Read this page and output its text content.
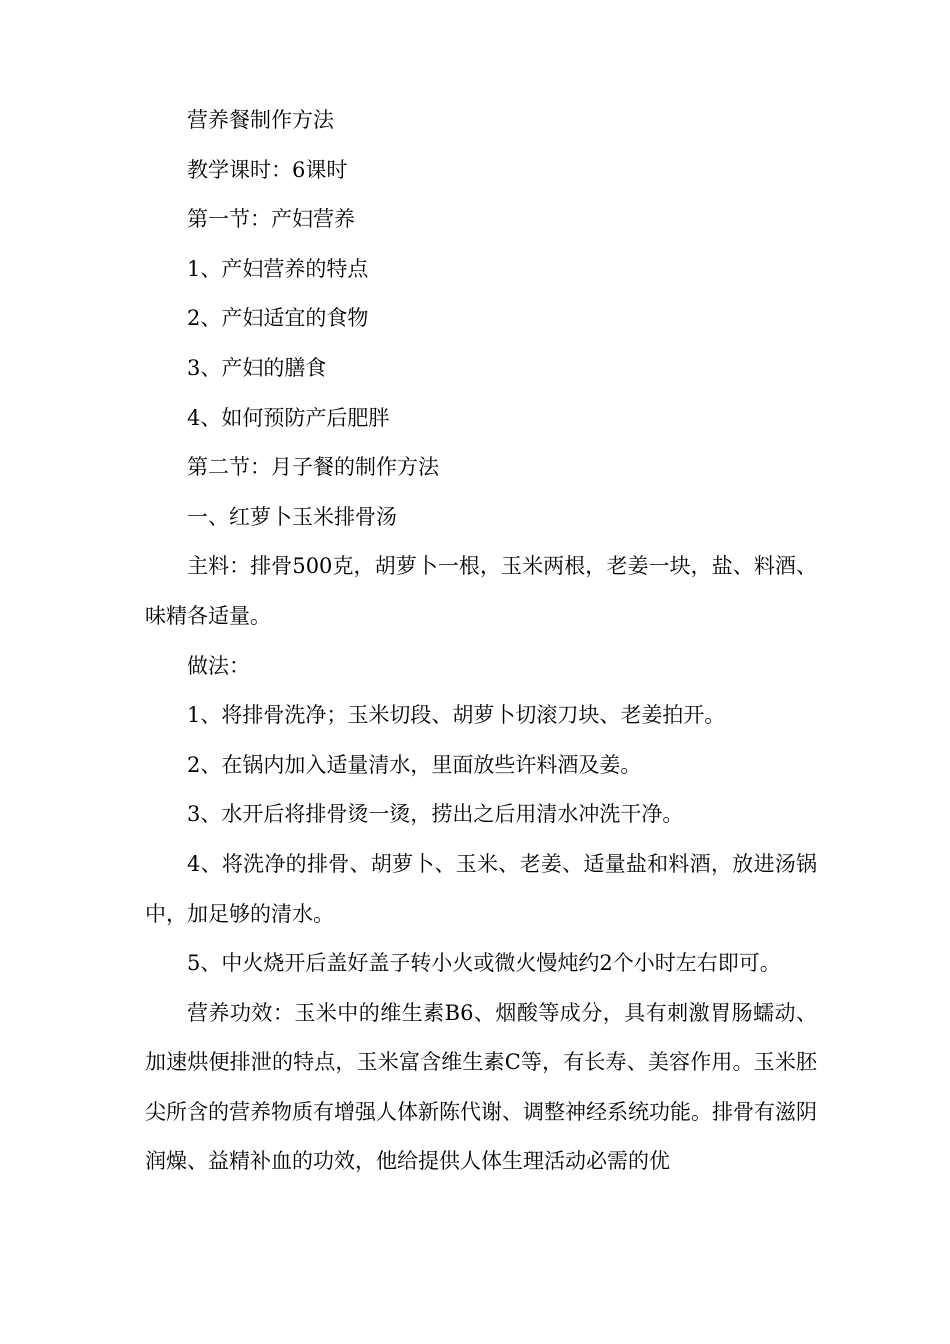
营养餐制作方法

教学课时：6课时

第一节：产妇营养

1、产妇营养的特点

2、产妇适宜的食物

3、产妇的膳食

4、如何预防产后肥胖

第二节：月子餐的制作方法

一、红萝卜玉米排骨汤

主料：排骨500克，胡萝卜一根，玉米两根，老姜一块，盐、料酒、味精各适量。

做法：

1、将排骨洗净；玉米切段、胡萝卜切滚刀块、老姜拍开。

2、在锅内加入适量清水，里面放些许料酒及姜。

3、水开后将排骨烫一烫，捞出之后用清水冲洗干净。

4、将洗净的排骨、胡萝卜、玉米、老姜、适量盐和料酒，放进汤锅中，加足够的清水。

5、中火烧开后盖好盖子转小火或微火慢炖约2个小时左右即可。

营养功效：玉米中的维生素B6、烟酸等成分，具有刺激胃肠蠕动、加速烘便排泄的特点，玉米富含维生素C等，有长寿、美容作用。玉米胚尖所含的营养物质有增强人体新陈代谢、调整神经系统功能。排骨有滋阴润燥、益精补血的功效，他给提供人体生理活动必需的优
